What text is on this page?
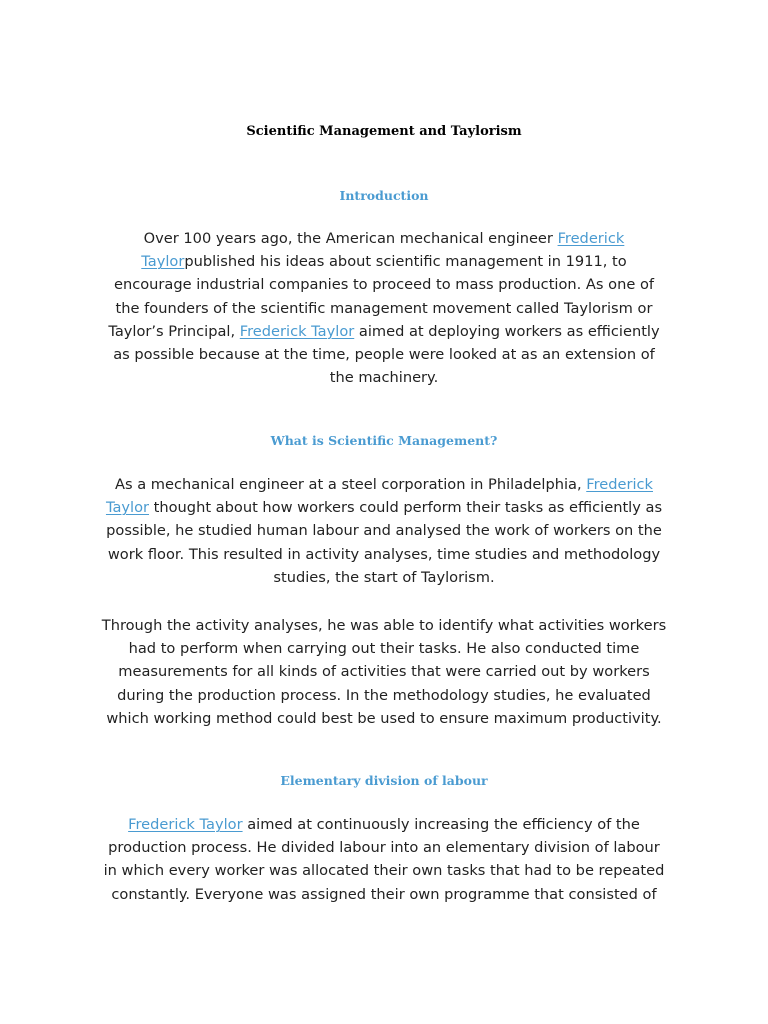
Scientific Management and Taylorism
Introduction
Over 100 years ago, the American mechanical engineer Frederick
Taylorpublished his ideas about scientific management in 1911, to
encourage industrial companies to proceed to mass production. As one of
the founders of the scientific management movement called Taylorism or
Taylor’s Principal, Frederick Taylor aimed at deploying workers as efficiently
as possible because at the time, people were looked at as an extension of
the machinery.
What is Scientific Management?
As a mechanical engineer at a steel corporation in Philadelphia, Frederick
Taylor thought about how workers could perform their tasks as efficiently as
possible, he studied human labour and analysed the work of workers on the
work floor. This resulted in activity analyses, time studies and methodology
studies, the start of Taylorism.
Through the activity analyses, he was able to identify what activities workers
had to perform when carrying out their tasks. He also conducted time
measurements for all kinds of activities that were carried out by workers
during the production process. In the methodology studies, he evaluated
which working method could best be used to ensure maximum productivity.
Elementary division of labour
Frederick Taylor aimed at continuously increasing the efficiency of the
production process. He divided labour into an elementary division of labour
in which every worker was allocated their own tasks that had to be repeated
constantly. Everyone was assigned their own programme that consisted of
